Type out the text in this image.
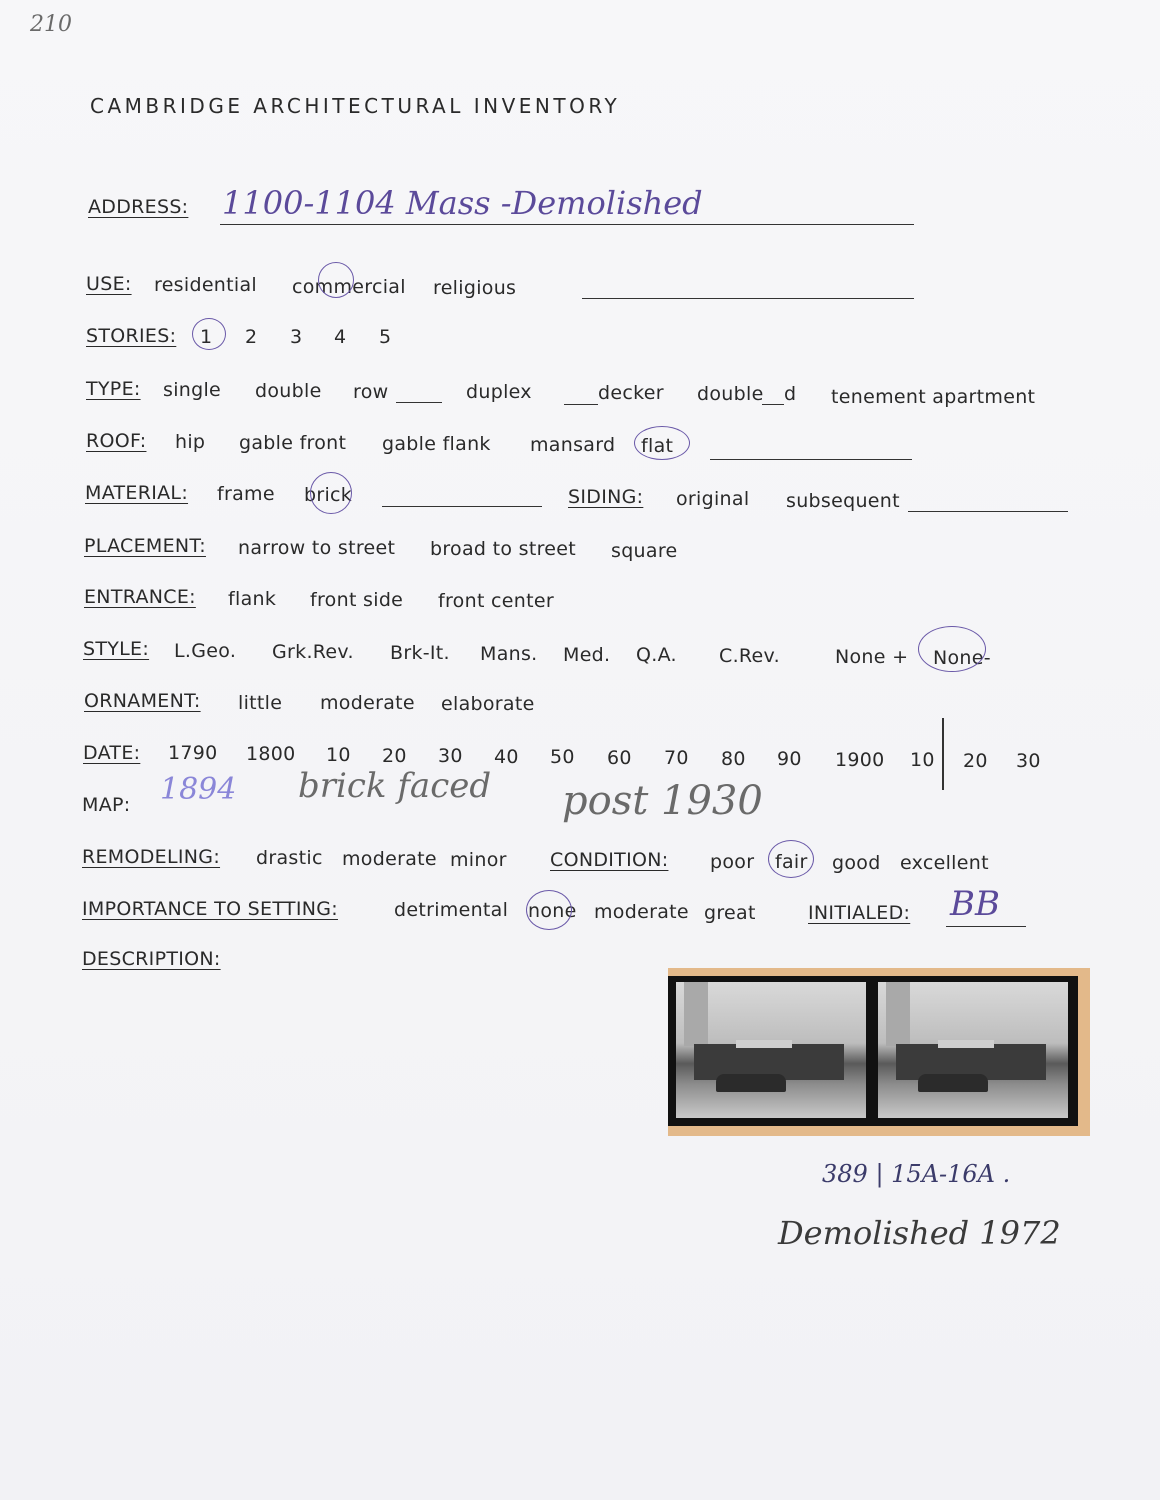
210
CAMBRIDGE ARCHITECTURAL INVENTORY
ADDRESS: 1100-1104 Mass -Demolished
USE: residential commercial religious
STORIES: 1 2 3 4 5
TYPE: single double row	duplex	decker double d tenement apartment
ROOF: hip gable front gable flank mansard flat
MATERIAL: frame brick	SIDING: original subsequent
PLACEMENT: narrow to street broad to street square
ENTRANCE: flank front side front center
STYLE: L.Geo. Grk.Rev. Brk-It. Mans. Med. Q.A. C.Rev.	None + None-
ORNAMENT: little moderate elaborate
DATE: 1790 1800 10 20 30 40 50 60 70 80 90 1900 10 20 30
MAP: 1894 brick faced post 1930
REMODELING: drastic moderate minor CONDITION: poor fair good excellent
IMPORTANCE TO SETTING:	detrimental none moderate great	INITIALED: BB
DESCRIPTION:
389 | 15A-16A .
Demolished 1972
